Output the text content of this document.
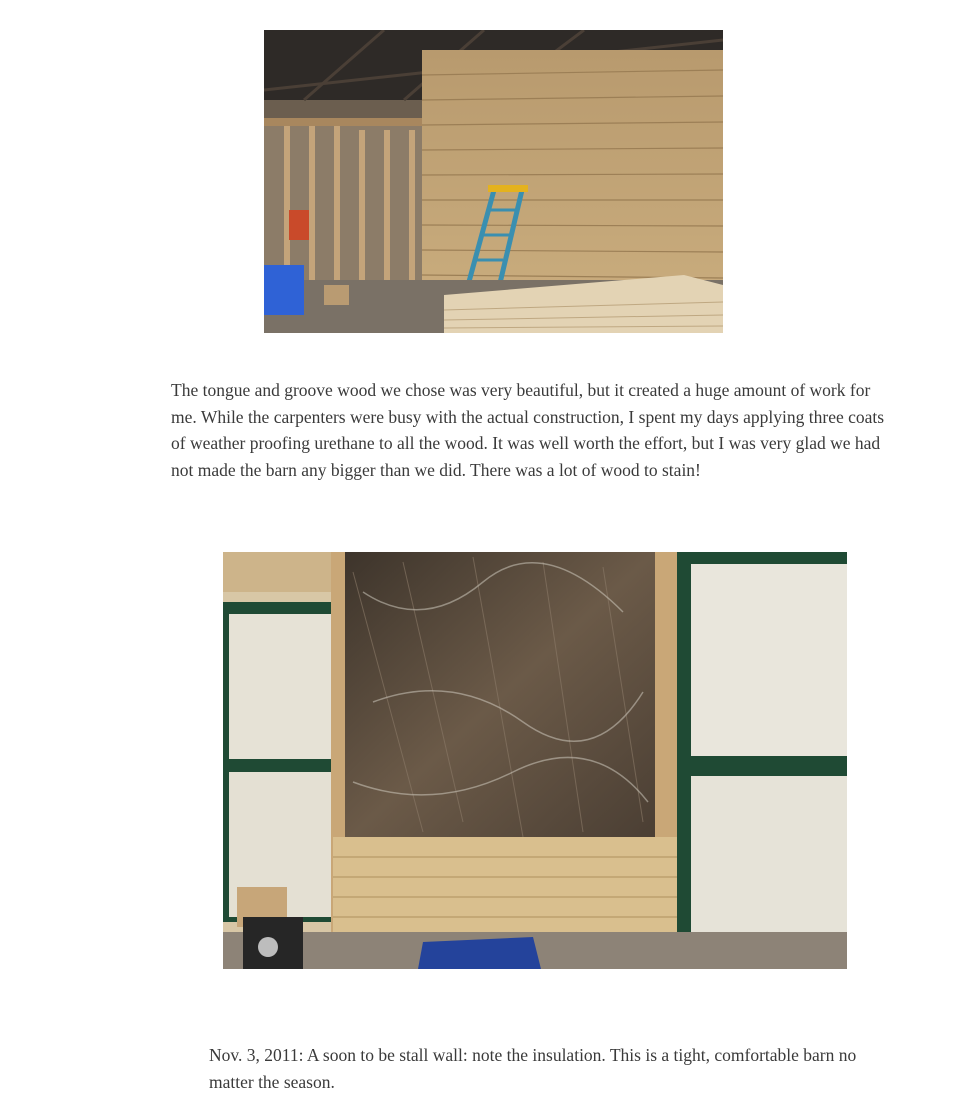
The tongue and groove wood we chose was very beautiful, but it created a huge amount of work for me. While the carpenters were busy with the actual construction, I spent my days applying three coats of weather proofing urethane to all the wood. It was well worth the effort, but I was very glad we had not made the barn any bigger than we did. There was a lot of wood to stain!

Nov. 3, 2011: A soon to be stall wall: note the insulation. This is a tight, comfortable barn no matter the season.
